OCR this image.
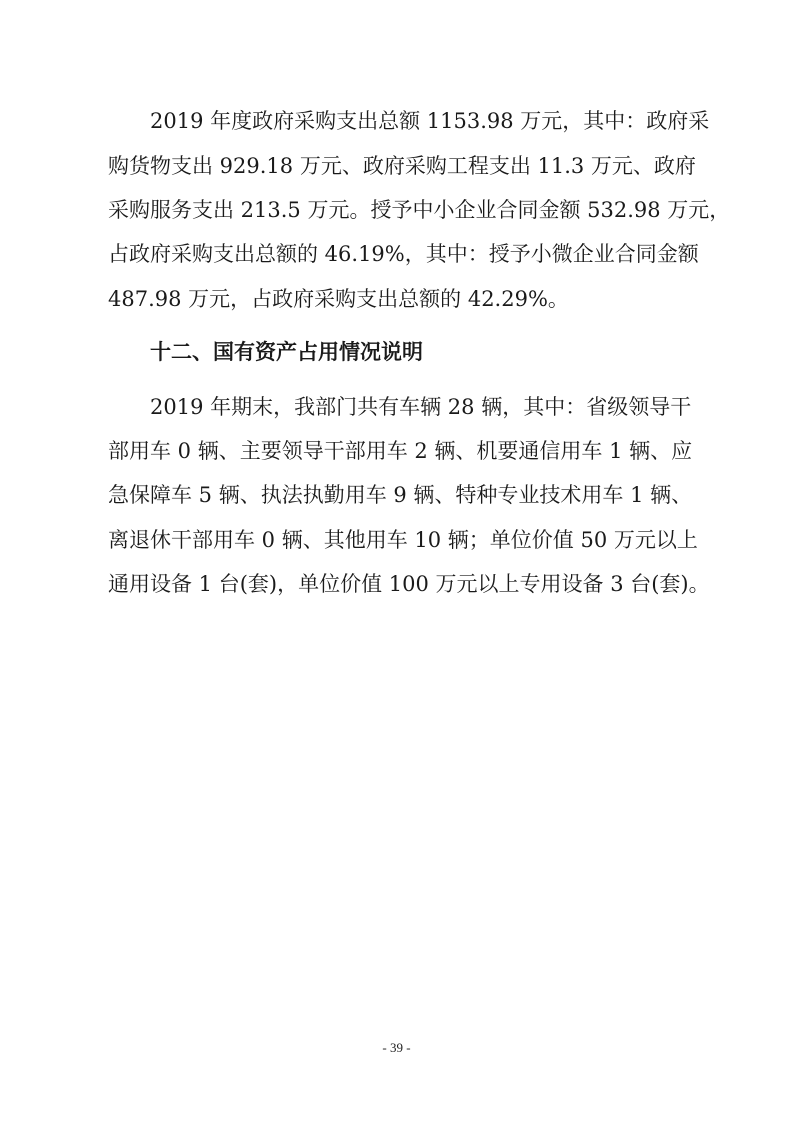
2019 年度政府采购支出总额 1153.98 万元，其中：政府采
购货物支出 929.18 万元、政府采购工程支出 11.3 万元、政府
采购服务支出 213.5 万元。授予中小企业合同金额 532.98 万元，
占政府采购支出总额的 46.19%，其中：授予小微企业合同金额
487.98 万元，占政府采购支出总额的 42.29%。
十二、国有资产占用情况说明
2019 年期末，我部门共有车辆 28 辆，其中：省级领导干
部用车 0 辆、主要领导干部用车 2 辆、机要通信用车 1 辆、应
急保障车 5 辆、执法执勤用车 9 辆、特种专业技术用车 1 辆、
离退休干部用车 0 辆、其他用车 10 辆；单位价值 50 万元以上
通用设备 1 台(套)，单位价值 100 万元以上专用设备 3 台(套)。
- 39 -
